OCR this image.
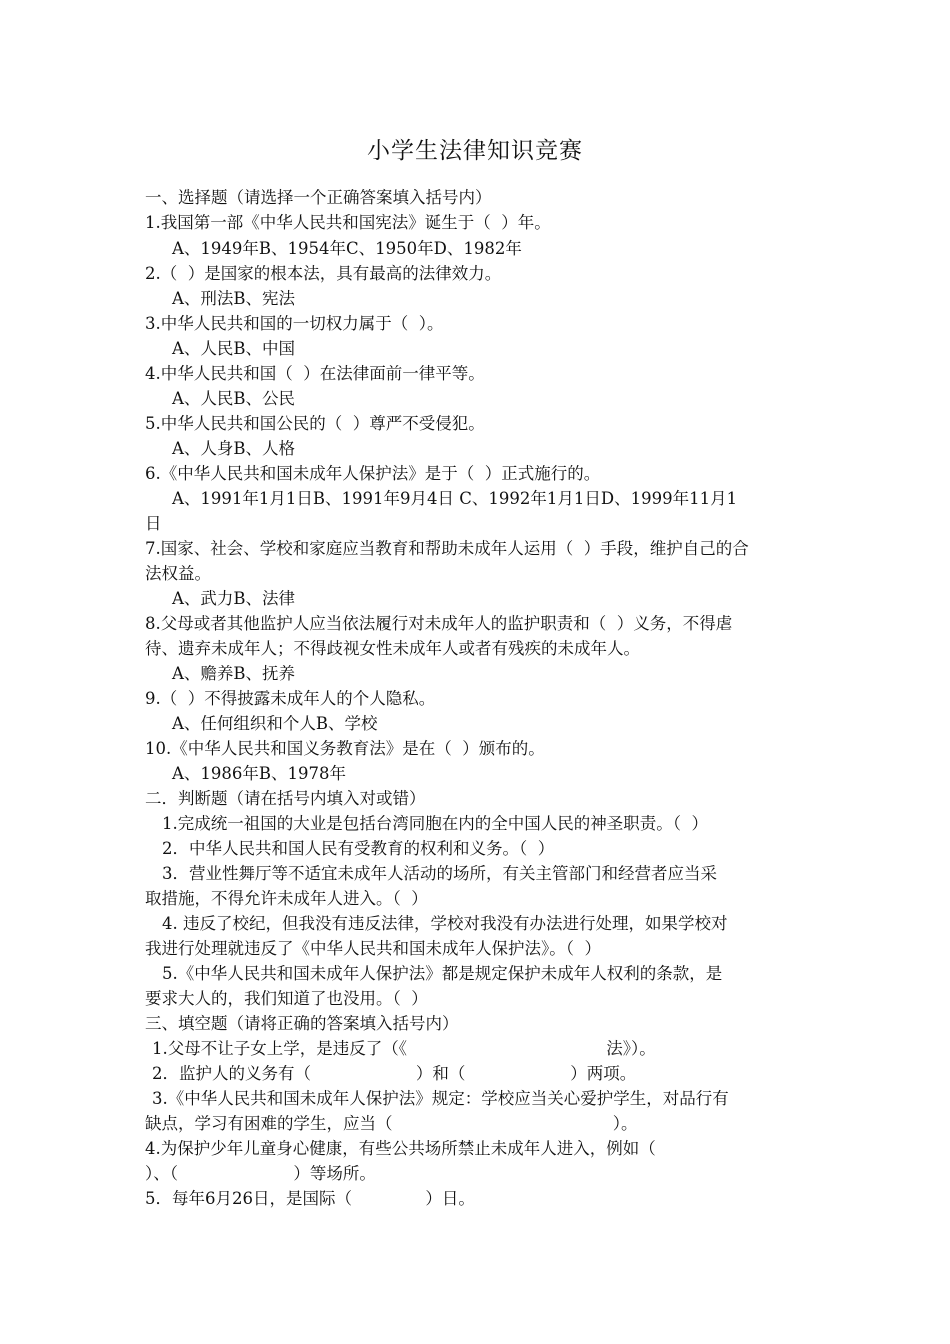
小学生法律知识竞赛
一、选择题（请选择一个正确答案填入括号内）
1.我国第一部《中华人民共和国宪法》诞生于（  ）年。
A、1949年B、1954年C、1950年D、1982年
2.（  ）是国家的根本法，具有最高的法律效力。
A、刑法B、宪法
3.中华人民共和国的一切权力属于（  ）。
A、人民B、中国
4.中华人民共和国（  ）在法律面前一律平等。
A、人民B、公民
5.中华人民共和国公民的（  ）尊严不受侵犯。
A、人身B、人格
6.《中华人民共和国未成年人保护法》是于（  ）正式施行的。
A、1991年1月1日B、1991年9月4日 C、1992年1月1日D、1999年11月1
日
7.国家、社会、学校和家庭应当教育和帮助未成年人运用（  ）手段，维护自己的合
法权益。
A、武力B、法律
8.父母或者其他监护人应当依法履行对未成年人的监护职责和（  ）义务，不得虐
待、遗弃未成年人；不得歧视女性未成年人或者有残疾的未成年人。
A、赡养B、抚养
9.（  ）不得披露未成年人的个人隐私。
A、任何组织和个人B、学校
10.《中华人民共和国义务教育法》是在（  ）颁布的。
A、1986年B、1978年
二．判断题（请在括号内填入对或错）
1.完成统一祖国的大业是包括台湾同胞在内的全中国人民的神圣职责。（  ）
2．中华人民共和国人民有受教育的权利和义务。（  ）
3．营业性舞厅等不适宜未成年人活动的场所，有关主管部门和经营者应当采
取措施，不得允许未成年人进入。（  ）
4. 违反了校纪，但我没有违反法律，学校对我没有办法进行处理，如果学校对
我进行处理就违反了《中华人民共和国未成年人保护法》。（  ）
5.《中华人民共和国未成年人保护法》都是规定保护未成年人权利的条款，是
要求大人的，我们知道了也没用。（  ）
三、填空题（请将正确的答案填入括号内）
1.父母不让子女上学，是违反了（《                                      法》）。
2．监护人的义务有（                    ）和（                    ）两项。
3.《中华人民共和国未成年人保护法》规定：学校应当关心爱护学生，对品行有
缺点，学习有困难的学生，应当（                                          ）。
4.为保护少年儿童身心健康，有些公共场所禁止未成年人进入，例如（
）、（                      ）等场所。
5．每年6月26日，是国际（              ）日。
